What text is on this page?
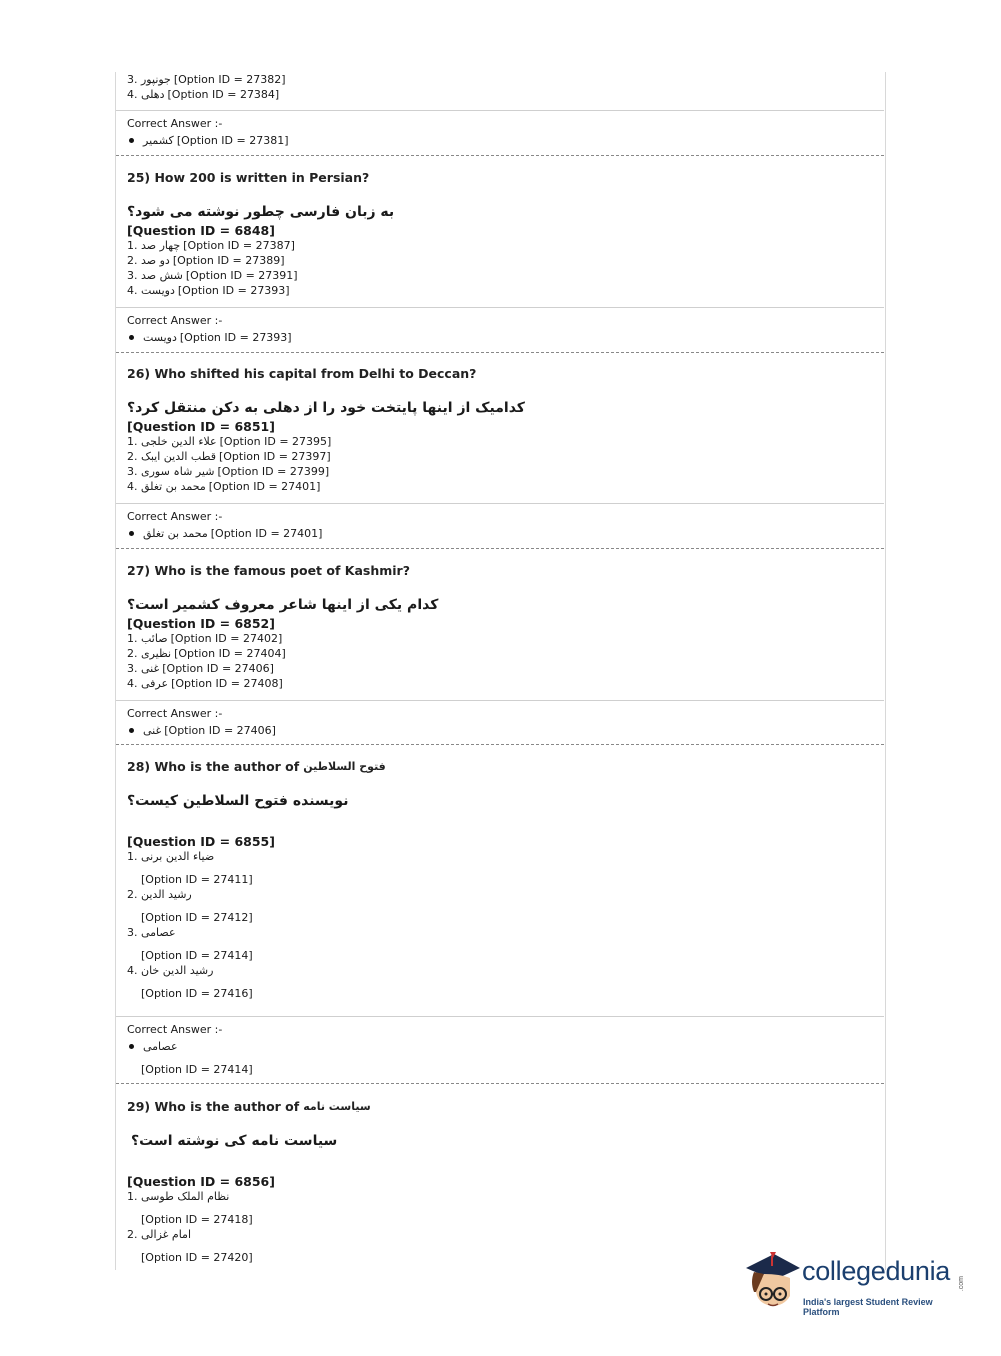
3. جونپور [Option ID = 27382]
4. دهلی [Option ID = 27384]
Correct Answer :-
کشمیر [Option ID = 27381]
25) How 200 is written in Persian?
به زبان فارسی چطور نوشته می شود؟
[Question ID = 6848]
1. چهار صد [Option ID = 27387]
2. دو صد [Option ID = 27389]
3. شش صد [Option ID = 27391]
4. دویست [Option ID = 27393]
Correct Answer :-
دویست [Option ID = 27393]
26) Who shifted his capital from Delhi to Deccan?
کدامیک از اینها پایتخت خود را از دهلی به دکن منتقل کرد؟
[Question ID = 6851]
1. علاء الدین خلجی [Option ID = 27395]
2. قطب الدین ایبک [Option ID = 27397]
3. شیر شاہ سوری [Option ID = 27399]
4. محمد بن تغلق [Option ID = 27401]
Correct Answer :-
محمد بن تغلق [Option ID = 27401]
27) Who is the famous poet of Kashmir?
کدام یکی از اینها شاعر معروف کشمیر است؟
[Question ID = 6852]
1. صائب [Option ID = 27402]
2. نظیری [Option ID = 27404]
3. غنی [Option ID = 27406]
4. عرفی [Option ID = 27408]
Correct Answer :-
غنی [Option ID = 27406]
28) Who is the author of فتوح السلاطین
نویسنده فتوح السلاطین کیست؟
[Question ID = 6855]
1. ضیاء الدین برنی
[Option ID = 27411]
2. رشید الدین
[Option ID = 27412]
3. عصامی
[Option ID = 27414]
4. رشید الدین خان
[Option ID = 27416]
Correct Answer :-
عصامی
[Option ID = 27414]
29) Who is the author of سیاست نامه
سیاست نامه کی نوشته است؟
[Question ID = 6856]
1. نظام الملک طوسی
[Option ID = 27418]
2. امام غزالی
[Option ID = 27420]	collegedunia .com
India's largest Student Review Platform
